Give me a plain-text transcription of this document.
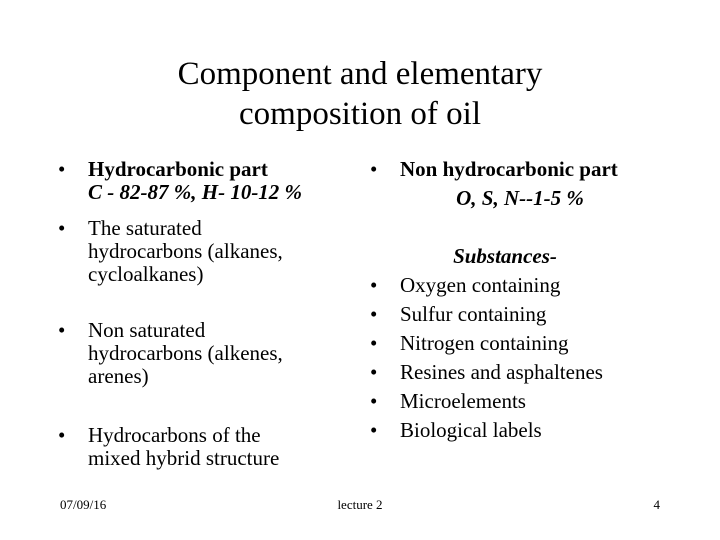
Component and elementary
composition of oil
• Hydrocarbonic part
C - 82-87 %, H- 10-12 %
• The saturated
hydrocarbons (alkanes,
cycloalkanes)
• Non saturated
hydrocarbons (alkenes,
arenes)
• Hydrocarbons of the
mixed hybrid structure
• Non hydrocarbonic part
O, S, N--1-5 %
Substances-
• Oxygen containing
• Sulfur containing
• Nitrogen containing
• Resines and asphaltenes
• Microelements
• Biological labels
07/09/16	lecture 2	4
